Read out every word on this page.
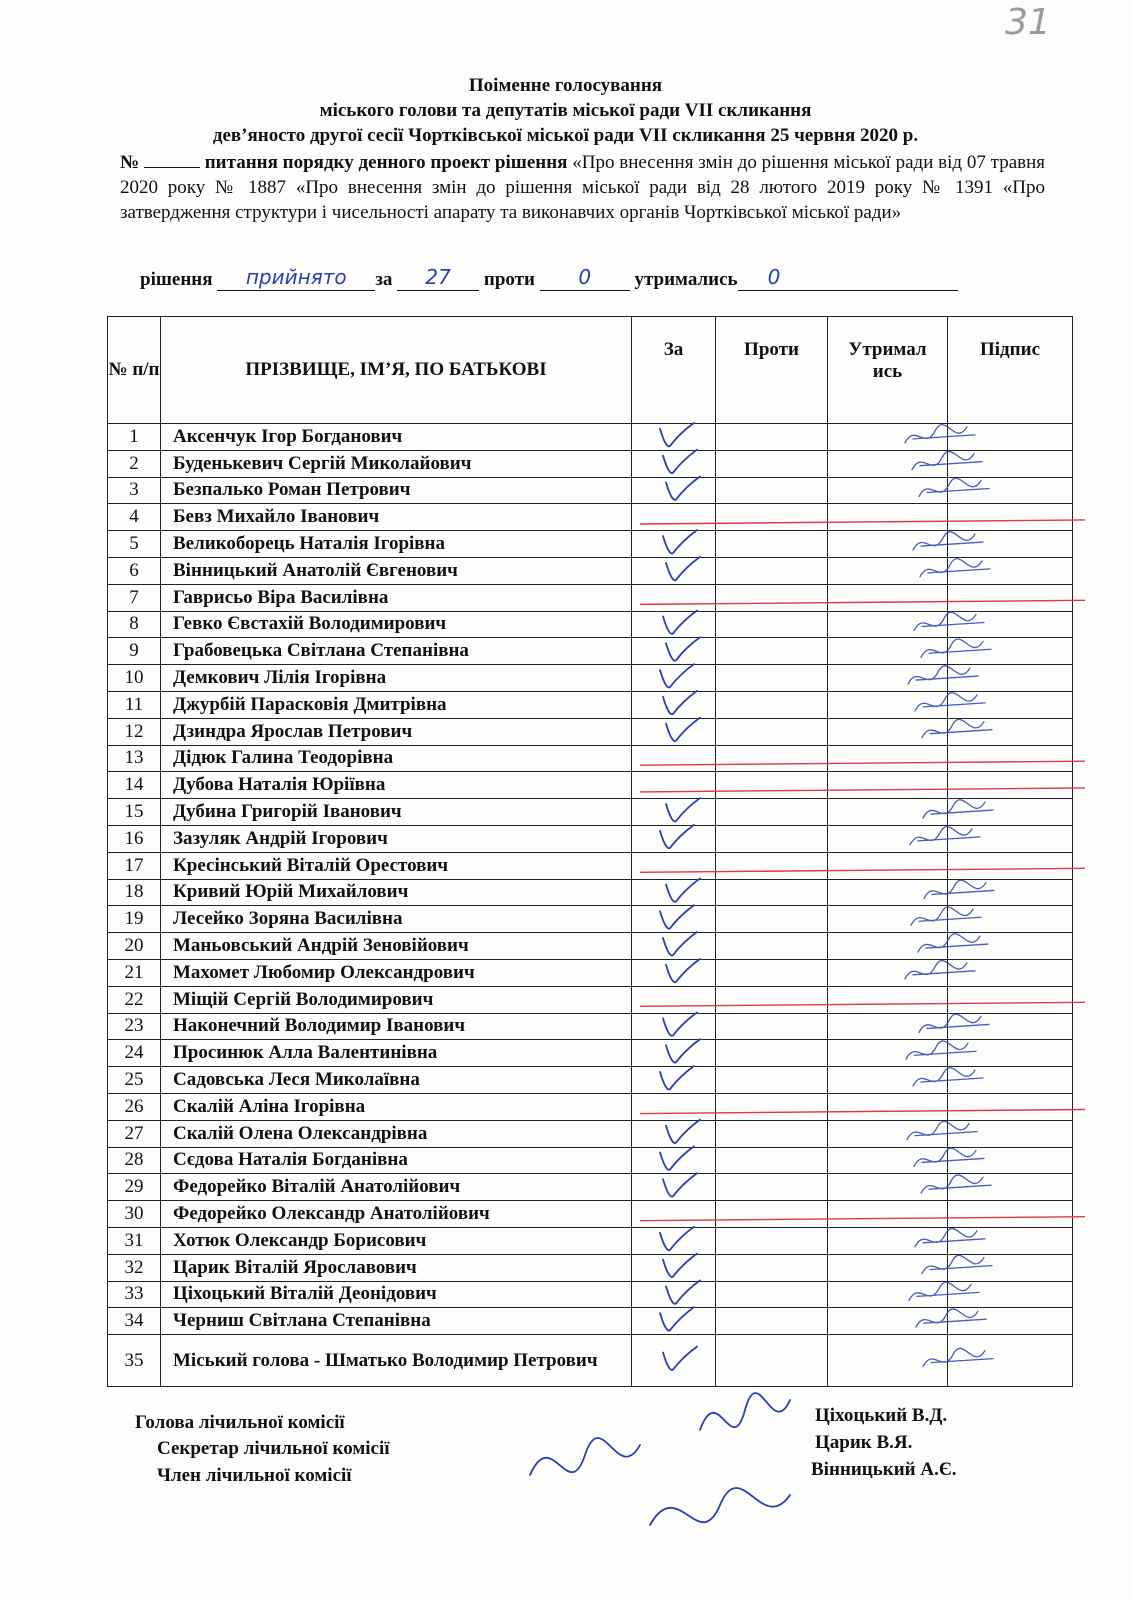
31
Поіменне голосування
міського голови та депутатів міської ради VII скликання
дев’яносто другої сесії Чортківської міської ради VII скликання 25 червня 2020 р.
№	питання порядку денного проект рішення «Про внесення змін до рішення міської ради від 07 травня 2020 року № 1887 «Про внесення змін до рішення міської ради від 28 лютого 2019 року № 1391 «Про затвердження структури і чисельності апарату та виконавчих органів Чортківської міської ради»
рішення прийнято за 27 проти 0 утримались 0
№ п/п	ПРІЗВИЩЕ, ІМ’Я, ПО БАТЬКОВІ	За	Проти	Утримались	Підпис
1	Аксенчук Ігор Богданович				
2	Буденькевич Сергій Миколайович				
3	Безпалько Роман Петрович				
4	Бевз Михайло Іванович				
5	Великоборець Наталія Ігорівна				
6	Вінницький Анатолій Євгенович				
7	Гаврисьо Віра Василівна				
8	Гевко Євстахій Володимирович				
9	Грабовецька Світлана Степанівна				
10	Демкович Лілія Ігорівна				
11	Джурбій Парасковія Дмитрівна				
12	Дзиндра Ярослав Петрович				
13	Дідюк Галина Теодорівна				
14	Дубова Наталія Юріївна				
15	Дубина Григорій Іванович				
16	Зазуляк Андрій Ігорович				
17	Кресінський Віталій Орестович				
18	Кривий Юрій Михайлович				
19	Лесейко Зоряна Василівна				
20	Маньовський Андрій Зеновійович				
21	Махомет Любомир Олександрович				
22	Міщій Сергій Володимирович				
23	Наконечний Володимир Іванович				
24	Просинюк Алла Валентинівна				
25	Садовська Леся Миколаївна				
26	Скалій Аліна Ігорівна				
27	Скалій Олена Олександрівна				
28	Сєдова Наталія Богданівна				
29	Федорейко Віталій Анатолійович				
30	Федорейко Олександр Анатолійович				
31	Хотюк Олександр Борисович				
32	Царик Віталій Ярославович				
33	Ціхоцький Віталій Деонідович				
34	Черниш Світлана Степанівна				
35	Міський голова - Шматько Володимир Петрович				
Голова лічильної комісії
Секретар лічильної комісії
Член лічильної комісії
Ціхоцький В.Д.
Царик В.Я.
Вінницький А.Є.
